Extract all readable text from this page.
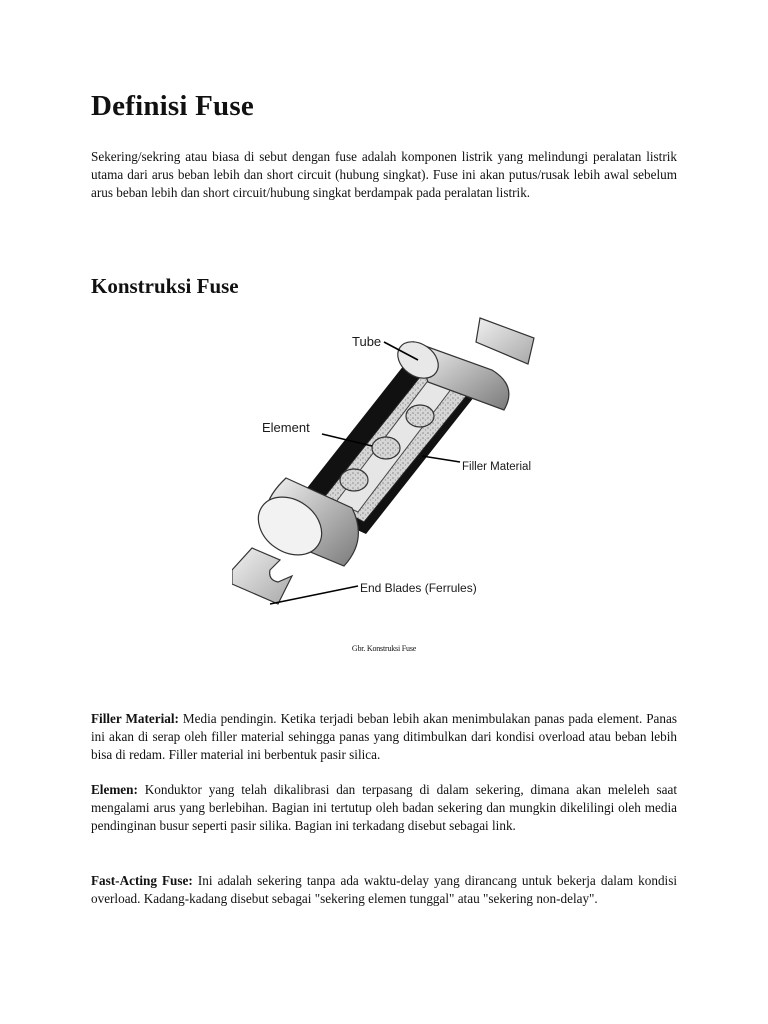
Definisi Fuse

Sekering/sekring atau biasa di sebut dengan fuse adalah komponen listrik yang melindungi peralatan listrik utama dari arus beban lebih dan short circuit (hubung singkat). Fuse ini akan putus/rusak lebih awal sebelum arus beban lebih dan short circuit/hubung singkat berdampak pada peralatan listrik.

Konstruksi Fuse
Tube
Element
Filler Material
End Blades (Ferrules)
Gbr. Konstruksi Fuse

Filler Material: Media pendingin. Ketika terjadi beban lebih akan menimbulakan panas pada element. Panas ini akan di serap oleh filler material sehingga panas yang ditimbulkan dari kondisi overload atau beban lebih bisa di redam. Filler material ini berbentuk pasir silica.

Elemen: Konduktor yang telah dikalibrasi dan terpasang di dalam sekering, dimana akan meleleh saat mengalami arus yang berlebihan. Bagian ini tertutup oleh badan sekering dan mungkin dikelilingi oleh media pendinginan busur seperti pasir silika. Bagian ini terkadang disebut sebagai link.

Fast-Acting Fuse: Ini adalah sekering tanpa ada waktu-delay yang dirancang untuk bekerja dalam kondisi overload. Kadang-kadang disebut sebagai "sekering elemen tunggal" atau "sekering non-delay".
